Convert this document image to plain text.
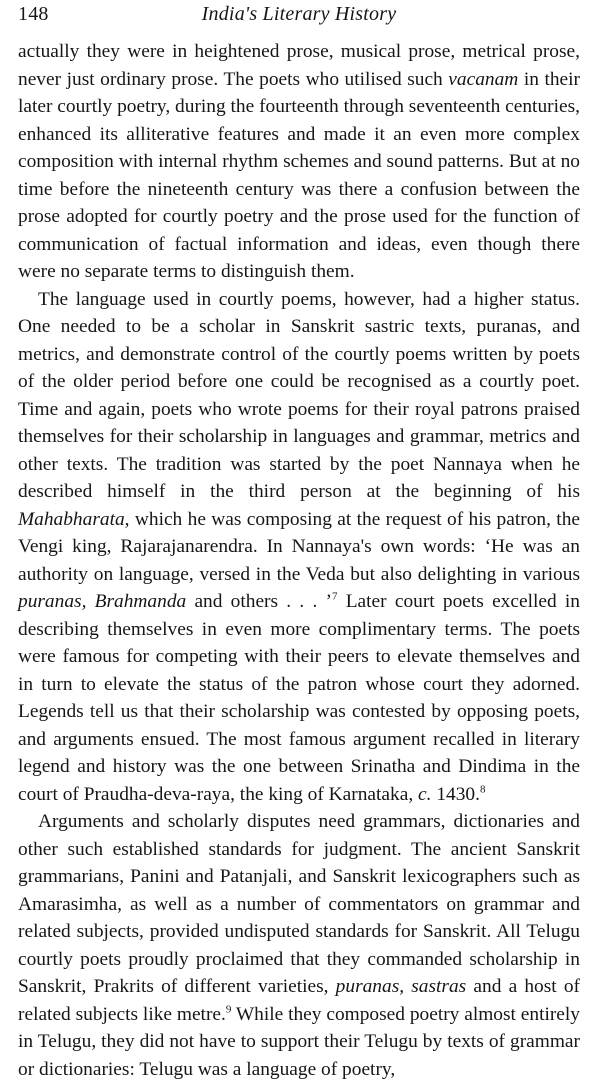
148	India's Literary History

actually they were in heightened prose, musical prose, metrical prose, never just ordinary prose. The poets who utilised such vacanam in their later courtly poetry, during the fourteenth through seventeenth centuries, enhanced its alliterative features and made it an even more complex composition with internal rhythm schemes and sound patterns. But at no time before the nineteenth century was there a confusion between the prose adopted for courtly poetry and the prose used for the function of communication of factual information and ideas, even though there were no separate terms to distinguish them.

The language used in courtly poems, however, had a higher status. One needed to be a scholar in Sanskrit sastric texts, puranas, and metrics, and demonstrate control of the courtly poems written by poets of the older period before one could be recognised as a courtly poet. Time and again, poets who wrote poems for their royal patrons praised themselves for their scholarship in languages and grammar, metrics and other texts. The tradition was started by the poet Nannaya when he described himself in the third person at the beginning of his Mahabharata, which he was composing at the request of his patron, the Vengi king, Rajarajanarendra. In Nannaya's own words: ‘He was an authority on language, versed in the Veda but also delighting in various puranas, Brahmanda and others . . . ’$^7$ Later court poets excelled in describing themselves in even more complimentary terms. The poets were famous for competing with their peers to elevate themselves and in turn to elevate the status of the patron whose court they adorned. Legends tell us that their scholarship was contested by opposing poets, and arguments ensued. The most famous argument recalled in literary legend and history was the one between Srinatha and Dindima in the court of Praudha-deva-raya, the king of Karnataka, c. 1430.$^8$

Arguments and scholarly disputes need grammars, dictionaries and other such established standards for judgment. The ancient Sanskrit grammarians, Panini and Patanjali, and Sanskrit lexicographers such as Amarasimha, as well as a number of commentators on grammar and related subjects, provided undisputed standards for Sanskrit. All Telugu courtly poets proudly proclaimed that they commanded scholarship in Sanskrit, Prakrits of different varieties, puranas, sastras and a host of related subjects like metre.$^9$ While they composed poetry almost entirely in Telugu, they did not have to support their Telugu by texts of grammar or dictionaries: Telugu was a language of poetry,
